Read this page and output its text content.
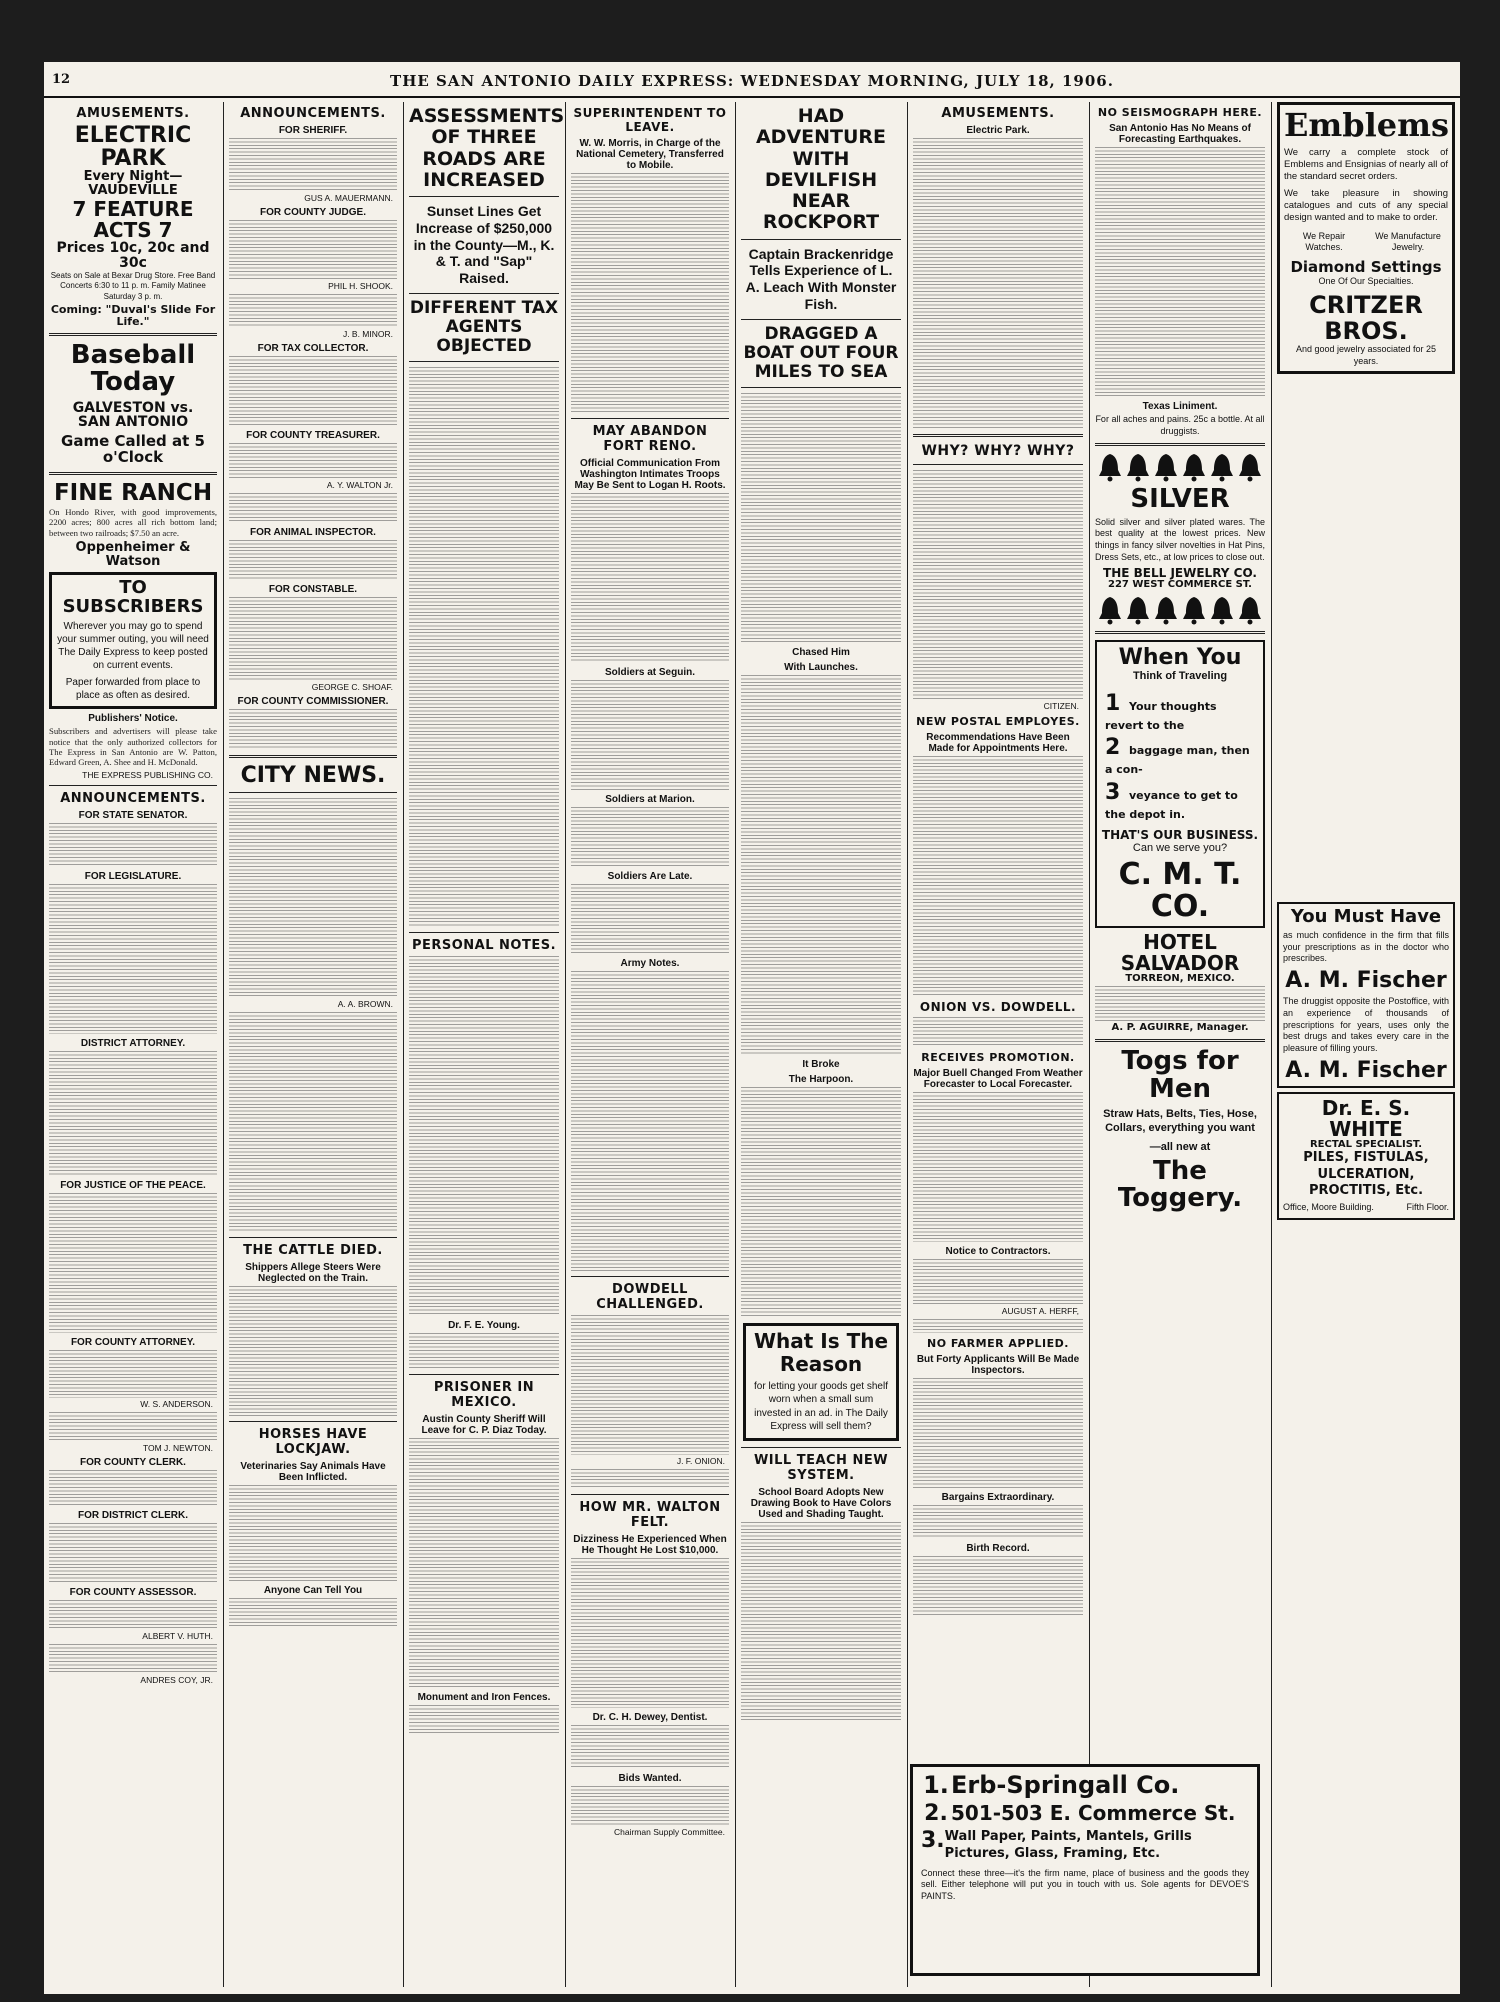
12	THE SAN ANTONIO DAILY EXPRESS: WEDNESDAY MORNING, JULY 18, 1906.
AMUSEMENTS.
ELECTRIC PARK
Every Night—VAUDEVILLE
7 FEATURE ACTS 7
Prices 10c, 20c and 30c
Seats on Sale at Bexar Drug Store. Free Band Concerts 6:30 to 11 p. m. Family Matinee Saturday 3 p. m.
Coming: "Duval's Slide For Life."
Baseball Today
GALVESTON vs. SAN ANTONIO
Game Called at 5 o'Clock
FINE RANCH
On Hondo River, with good improvements, 2200 acres; 800 acres all rich bottom land; between two railroads; $7.50 an acre.
Oppenheimer & Watson
TO SUBSCRIBERS
Wherever you may go to spend your summer outing, you will need The Daily Express to keep posted on current events.
Paper forwarded from place to place as often as desired.
Publishers' Notice.
Subscribers and advertisers will please take notice that the only authorized collectors for The Express in San Antonio are W. Patton, Edward Green, A. Shee and H. McDonald.
THE EXPRESS PUBLISHING CO.
ANNOUNCEMENTS.
FOR STATE SENATOR.
FOR LEGISLATURE.
DISTRICT ATTORNEY.
FOR JUSTICE OF THE PEACE.
FOR COUNTY ATTORNEY.
W. S. ANDERSON.
TOM J. NEWTON.
FOR COUNTY CLERK.
FOR DISTRICT CLERK.
FOR COUNTY ASSESSOR.
ALBERT V. HUTH.
ANDRES COY, JR.
ANNOUNCEMENTS.
FOR SHERIFF.
GUS A. MAUERMANN.
FOR COUNTY JUDGE.
PHIL H. SHOOK.
J. B. MINOR.
FOR TAX COLLECTOR.
FOR COUNTY TREASURER.
A. Y. WALTON Jr.
FOR ANIMAL INSPECTOR.
FOR CONSTABLE.
GEORGE C. SHOAF.
FOR COUNTY COMMISSIONER.
CITY NEWS.
A. A. BROWN.
THE CATTLE DIED.
Shippers Allege Steers Were Neglected on the Train.
HORSES HAVE LOCKJAW.
Veterinaries Say Animals Have Been Inflicted.
Anyone Can Tell You
ASSESSMENTS OF THREE ROADS ARE INCREASED
Sunset Lines Get Increase of $250,000 in the County—M., K. & T. and "Sap" Raised.
DIFFERENT TAX AGENTS OBJECTED
PERSONAL NOTES.
Dr. F. E. Young.
PRISONER IN MEXICO.
Austin County Sheriff Will Leave for C. P. Diaz Today.
Monument and Iron Fences.
SUPERINTENDENT TO LEAVE.
W. W. Morris, in Charge of the National Cemetery, Transferred to Mobile.
MAY ABANDON FORT RENO.
Official Communication From Washington Intimates Troops May Be Sent to Logan H. Roots.
Soldiers at Seguin.
Soldiers at Marion.
Soldiers Are Late.
Army Notes.
DOWDELL CHALLENGED.
J. F. ONION.
HOW MR. WALTON FELT.
Dizziness He Experienced When He Thought He Lost $10,000.
Dr. C. H. Dewey, Dentist.
Bids Wanted.
Chairman Supply Committee.
HAD ADVENTURE WITH DEVILFISH NEAR ROCKPORT
Captain Brackenridge Tells Experience of L. A. Leach With Monster Fish.
DRAGGED A BOAT OUT FOUR MILES TO SEA
Chased Him
With Launches.
It Broke
The Harpoon.
What Is The Reason
for letting your goods get shelf worn when a small sum invested in an ad. in The Daily Express will sell them?
WILL TEACH NEW SYSTEM.
School Board Adopts New Drawing Book to Have Colors Used and Shading Taught.
AMUSEMENTS.
Electric Park.
WHY? WHY? WHY?
CITIZEN.
NEW POSTAL EMPLOYES.
Recommendations Have Been Made for Appointments Here.
ONION VS. DOWDELL.
RECEIVES PROMOTION.
Major Buell Changed From Weather Forecaster to Local Forecaster.
Notice to Contractors.
AUGUST A. HERFF,
NO FARMER APPLIED.
But Forty Applicants Will Be Made Inspectors.
Bargains Extraordinary.
Birth Record.
1. Erb-Springall Co.
2. 501-503 E. Commerce St.
3. Wall Paper, Paints, Mantels, Grills Pictures, Glass, Framing, Etc.
Connect these three—it's the firm name, place of business and the goods they sell. Either telephone will put you in touch with us. Sole agents for DEVOE'S PAINTS.
NO SEISMOGRAPH HERE.
San Antonio Has No Means of Forecasting Earthquakes.
Texas Liniment.
For all aches and pains. 25c a bottle. At all druggists.
SILVER
Solid silver and silver plated wares. The best quality at the lowest prices. New things in fancy silver novelties in Hat Pins, Dress Sets, etc., at low prices to close out.
THE BELL JEWELRY CO.
227 WEST COMMERCE ST.
When You
Think of Traveling
1 Your thoughts revert to the
2 baggage man, then a con-
3 veyance to get to the depot in.
THAT'S OUR BUSINESS.
Can we serve you?
C. M. T. CO.
HOTEL SALVADOR
TORREON, MEXICO.
A. P. AGUIRRE, Manager.
Togs for Men
Straw Hats, Belts, Ties, Hose, Collars, everything you want
—all new at
The Toggery.
Emblems
We carry a complete stock of Emblems and Ensignias of nearly all of the standard secret orders.
We take pleasure in showing catalogues and cuts of any special design wanted and to make to order.
We Repair Watches.
We Manufacture Jewelry.
Diamond Settings
One Of Our Specialties.
CRITZER BROS.
And good jewelry associated for 25 years.
You Must Have
as much confidence in the firm that fills your prescriptions as in the doctor who prescribes.
A. M. Fischer
The druggist opposite the Postoffice, with an experience of thousands of prescriptions for years, uses only the best drugs and takes every care in the pleasure of filling yours.
A. M. Fischer
Dr. E. S. WHITE
RECTAL SPECIALIST.
PILES, FISTULAS, ULCERATION, PROCTITIS, Etc.
Office, Moore Building.	Fifth Floor.
